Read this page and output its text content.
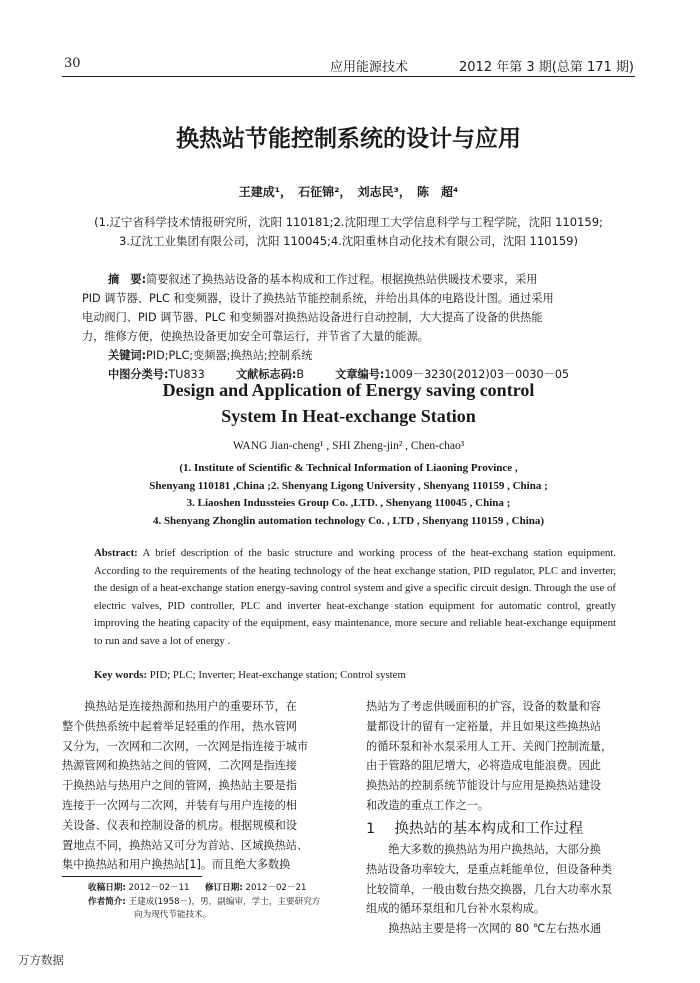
30	应用能源技术	2012 年第 3 期(总第 171 期)
换热站节能控制系统的设计与应用
王建成¹， 石征锦²， 刘志民³， 陈　超⁴
(1.辽宁省科学技术情报研究所，沈阳 110181;2.沈阳理工大学信息科学与工程学院，沈阳 110159;
3.辽沈工业集团有限公司，沈阳 110045;4.沈阳重林自动化技术有限公司，沈阳 110159)
摘　要:简要叙述了换热站设备的基本构成和工作过程。根据换热站供暖技术要求，采用
PID 调节器、PLC 和变频器，设计了换热站节能控制系统，并给出具体的电路设计图。通过采用
电动阀门、PID 调节器、PLC 和变频器对换热站设备进行自动控制，大大提高了设备的供热能
力，维修方便，使换热设备更加安全可靠运行，并节省了大量的能源。
关键词:PID;PLC;变频器;换热站;控制系统
中图分类号:TU833	文献标志码:B	文章编号:1009－3230(2012)03－0030－05
Design and Application of Energy saving control
System In Heat-exchange Station
WANG Jian-cheng¹ , SHI Zheng-jin² , Chen-chao³
(1. Institute of Scientific & Technical Information of Liaoning Province ,
Shenyang 110181 ,China ;2. Shenyang Ligong University , Shenyang 110159 , China ;
3. Liaoshen Indussteies Group Co. ,LTD. , Shenyang 110045 , China ;
4. Shenyang Zhonglin automation technology Co. , LTD , Shenyang 110159 , China)
Abstract: A brief description of the basic structure and working process of the heat-exchang station equipment. According to the requirements of the heating technology of the heat exchange station, PID regulator, PLC and inverter, the design of a heat-exchange station energy-saving control system and give a specific circuit design. Through the use of electric valves, PID controller, PLC and inverter heat-exchange station equipment for automatic control, greatly improving the heating capacity of the equipment, easy maintenance, more secure and reliable heat-exchange equipment to run and save a lot of energy .
Key words: PID; PLC; Inverter; Heat-exchange station; Control system
　　换热站是连接热源和热用户的重要环节，在
整个供热系统中起着举足轻重的作用，热水管网
又分为，一次网和二次网，一次网是指连接于城市
热源管网和换热站之间的管网，二次网是指连接
于换热站与热用户之间的管网，换热站主要是指
连接于一次网与二次网，并装有与用户连接的相
关设备、仪表和控制设备的机房。根据规模和设
置地点不同，换热站又可分为首站、区域换热站、
集中换热站和用户换热站[1]。而且绝大多数换
收稿日期: 2012－02－11 修订日期: 2012－02－21
作者简介: 王建成(1958－)，男，副编审，学士，主要研究方
向为现代节能技术。
热站为了考虑供暖面积的扩容，设备的数量和容
量都设计的留有一定裕量，并且如果这些换热站
的循环泵和补水泵采用人工开、关阀门控制流量，
由于管路的阻尼增大，必将造成电能浪费。因此
换热站的控制系统节能设计与应用是换热站建设
和改造的重点工作之一。
1 换热站的基本构成和工作过程
　　绝大多数的换热站为用户换热站，大部分换
热站设备功率较大，是重点耗能单位，但设备种类
比较简单，一般由数台热交换器，几台大功率水泵
组成的循环泵组和几台补水泵构成。
　　换热站主要是将一次网的 80 ℃左右热水通
万方数据
